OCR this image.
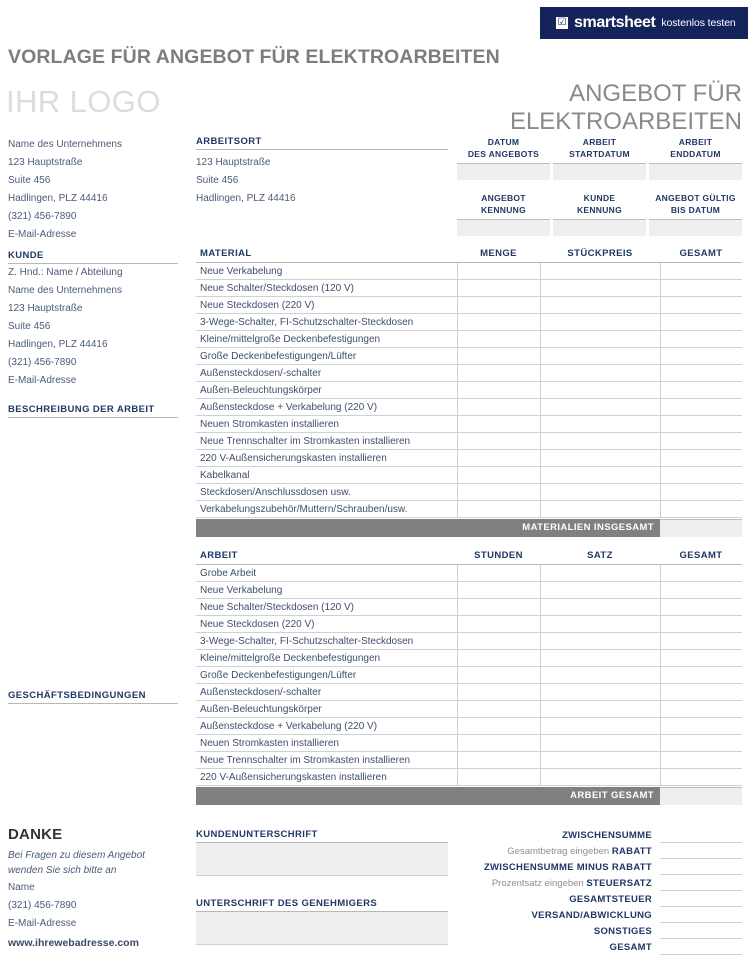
☑ smartsheet kostenlos testen
VORLAGE FÜR ANGEBOT FÜR ELEKTROARBEITEN
IHR LOGO	ANGEBOT FÜR
ELEKTROARBEITEN
Name des Unternehmens
123 Hauptstraße
Suite 456
Hadlingen, PLZ 44416
(321) 456-7890
E-Mail-Adresse
KUNDE
Z. Hnd.: Name / Abteilung
Name des Unternehmens
123 Hauptstraße
Suite 456
Hadlingen, PLZ 44416
(321) 456-7890
E-Mail-Adresse
BESCHREIBUNG DER ARBEIT
GESCHÄFTSBEDINGUNGEN
DANKE
Bei Fragen zu diesem Angebot
wenden Sie sich bitte an
Name
(321) 456-7890
E-Mail-Adresse
www.ihrewebadresse.com
ARBEITSORT
123 Hauptstraße
Suite 456
Hadlingen, PLZ 44416
DATUM
DES ANGEBOTS
ARBEIT
STARTDATUM
ARBEIT
ENDDATUM
ANGEBOT
KENNUNG
KUNDE
KENNUNG
ANGEBOT GÜLTIG
BIS DATUM
MATERIAL	MENGE	STÜCKPREIS	GESAMT
Neue Verkabelung			
Neue Schalter/Steckdosen (120 V)			
Neue Steckdosen (220 V)			
3-Wege-Schalter, FI-Schutzschalter-Steckdosen			
Kleine/mittelgroße Deckenbefestigungen			
Große Deckenbefestigungen/Lüfter			
Außensteckdosen/-schalter			
Außen-Beleuchtungskörper			
Außensteckdose + Verkabelung (220 V)			
Neuen Stromkasten installieren			
Neue Trennschalter im Stromkasten installieren			
220 V-Außensicherungskasten installieren			
Kabelkanal			
Steckdosen/Anschlussdosen usw.			
Verkabelungszubehör/Muttern/Schrauben/usw.			
MATERIALIEN INSGESAMT
ARBEIT	STUNDEN	SATZ	GESAMT
Grobe Arbeit			
Neue Verkabelung			
Neue Schalter/Steckdosen (120 V)			
Neue Steckdosen (220 V)			
3-Wege-Schalter, FI-Schutzschalter-Steckdosen			
Kleine/mittelgroße Deckenbefestigungen			
Große Deckenbefestigungen/Lüfter			
Außensteckdosen/-schalter			
Außen-Beleuchtungskörper			
Außensteckdose + Verkabelung (220 V)			
Neuen Stromkasten installieren			
Neue Trennschalter im Stromkasten installieren			
220 V-Außensicherungskasten installieren			
ARBEIT GESAMT
KUNDENUNTERSCHRIFT
UNTERSCHRIFT DES GENEHMIGERS
ZWISCHENSUMME
Gesamtbetrag eingeben RABATT
ZWISCHENSUMME MINUS RABATT
Prozentsatz eingeben STEUERSATZ
GESAMTSTEUER
VERSAND/ABWICKLUNG
SONSTIGES
GESAMT
